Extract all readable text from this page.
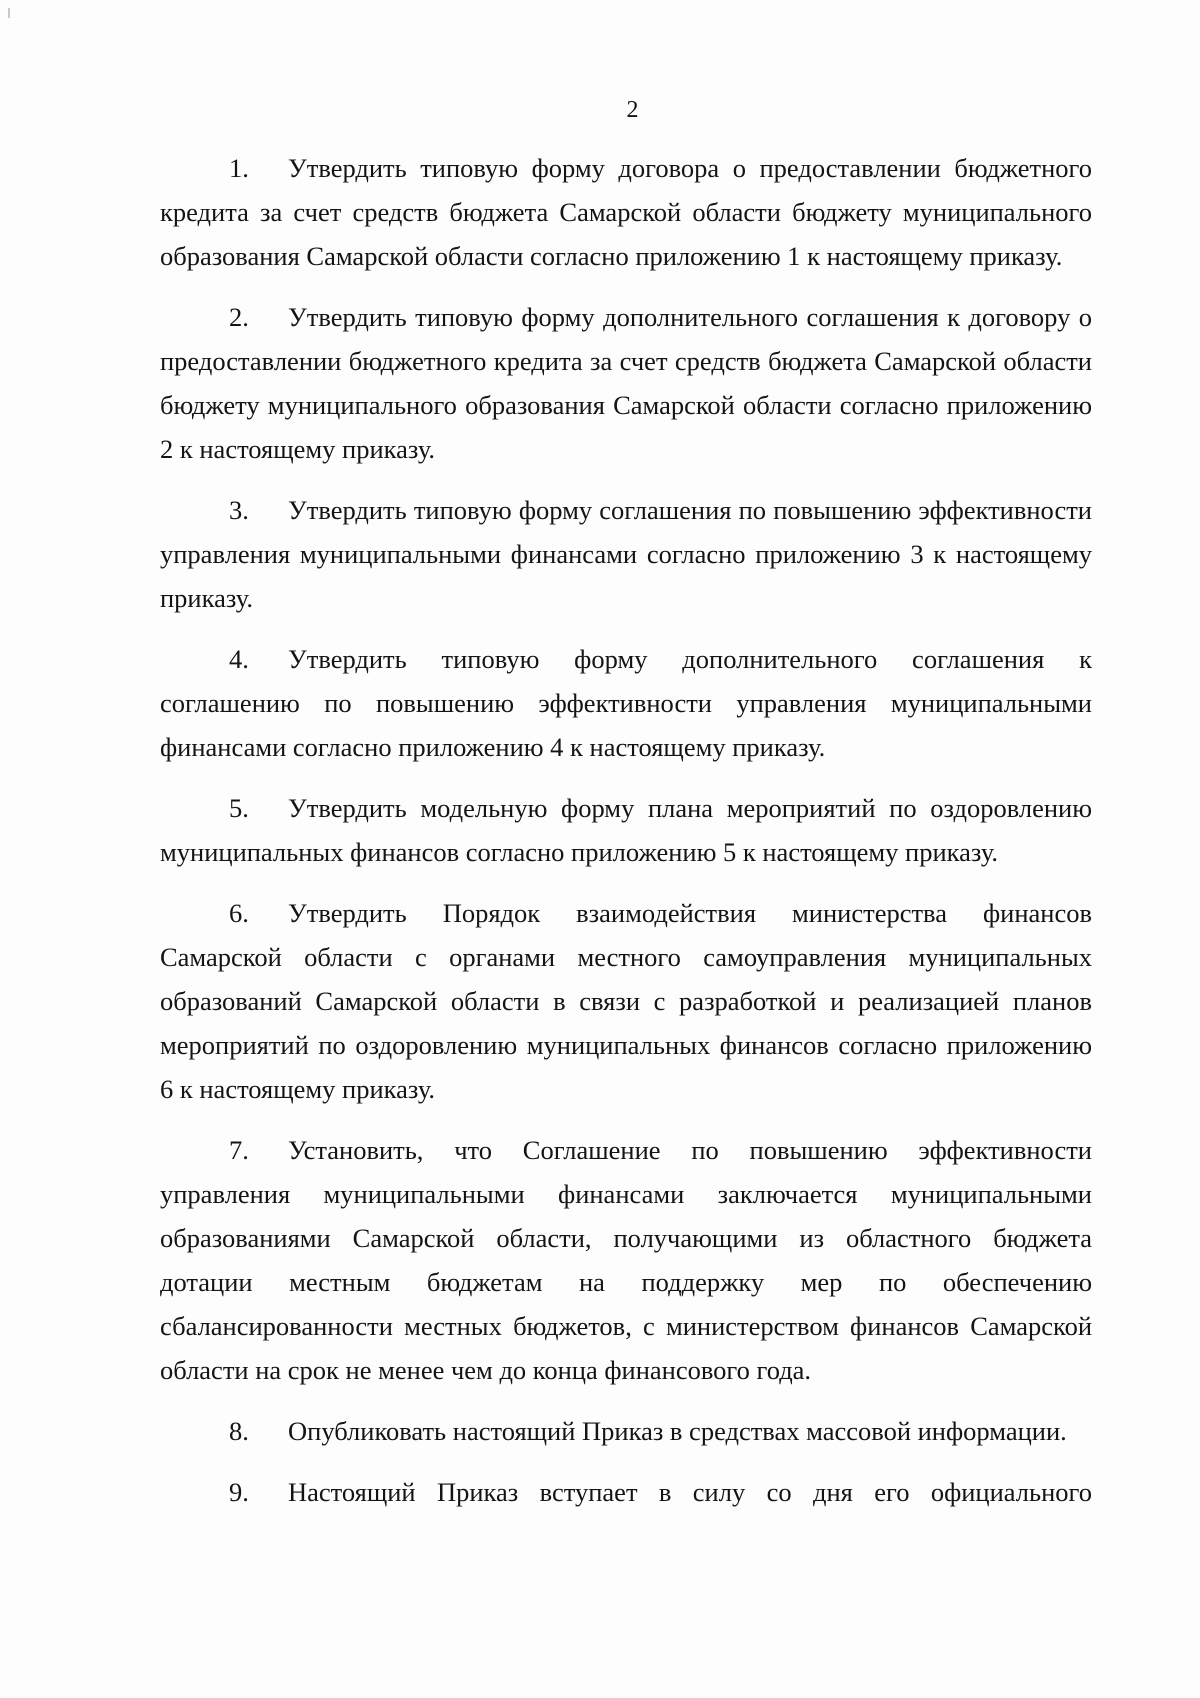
2

1. Утвердить типовую форму договора о предоставлении бюджетного кредита за счет средств бюджета Самарской области бюджету муниципального образования Самарской области согласно приложению 1 к настоящему приказу.

2. Утвердить типовую форму дополнительного соглашения к договору о предоставлении бюджетного кредита за счет средств бюджета Самарской области бюджету муниципального образования Самарской области согласно приложению 2 к настоящему приказу.

3. Утвердить типовую форму соглашения по повышению эффективности управления муниципальными финансами согласно приложению 3 к настоящему приказу.

4. Утвердить типовую форму дополнительного соглашения к соглашению по повышению эффективности управления муниципальными финансами согласно приложению 4 к настоящему приказу.

5. Утвердить модельную форму плана мероприятий по оздоровлению муниципальных финансов согласно приложению 5 к настоящему приказу.

6. Утвердить Порядок взаимодействия министерства финансов Самарской области с органами местного самоуправления муниципальных образований Самарской области в связи с разработкой и реализацией планов мероприятий по оздоровлению муниципальных финансов согласно приложению 6 к настоящему приказу.

7. Установить, что Соглашение по повышению эффективности управления муниципальными финансами заключается муниципальными образованиями Самарской области, получающими из областного бюджета дотации местным бюджетам на поддержку мер по обеспечению сбалансированности местных бюджетов, с министерством финансов Самарской области на срок не менее чем до конца финансового года.

8. Опубликовать настоящий Приказ в средствах массовой информации.

9. Настоящий Приказ вступает в силу со дня его официального
